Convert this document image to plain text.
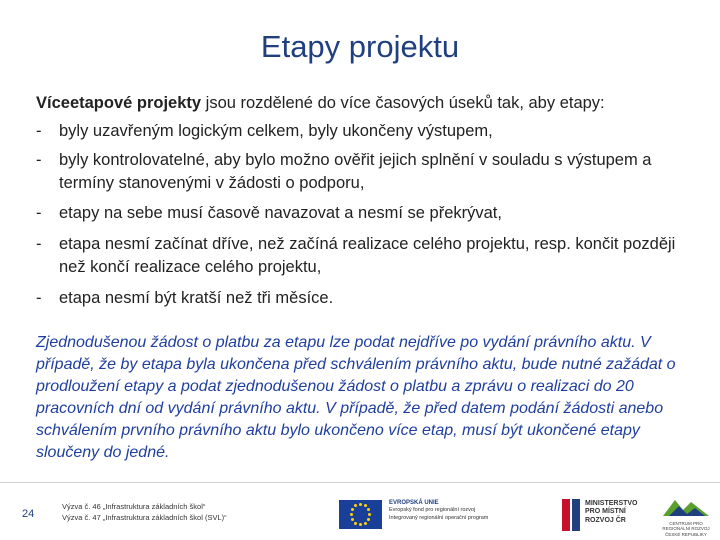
Etapy projektu
Víceetapové projekty jsou rozdělené do více časových úseků tak, aby etapy:
- byly uzavřeným logickým celkem, byly ukončeny výstupem,
- byly kontrolovatelné, aby bylo možno ověřit jejich splnění v souladu s výstupem a termíny stanovenými v žádosti o podporu,
- etapy na sebe musí časově navazovat a nesmí se překrývat,
- etapa nesmí začínat dříve, než začíná realizace celého projektu, resp. končit později než končí realizace celého projektu,
- etapa nesmí být kratší než tři měsíce.
Zjednodušenou žádost o platbu za etapu lze podat nejdříve po vydání právního aktu. V případě, že by etapa byla ukončena před schválením právního aktu, bude nutné zažádat o prodloužení etapy a podat zjednodušenou žádost o platbu a zprávu o realizaci do 20 pracovních dní od vydání právního aktu. V případě, že před datem podání žádosti anebo schválením prvního právního aktu bylo ukončeno více etap, musí být ukončené etapy sloučeny do jedné.
24
Výzva č. 46 „Infrastruktura základních škol“
Výzva č. 47 „Infrastruktura základních škol (SVL)“
EVROPSKÁ UNIE
Evropský fond pro regionální rozvoj
Integrovaný regionální operační program
MINISTERSTVO
PRO MÍSTNÍ
ROZVOJ ČR	CENTRUM PRO REGIONÁLNÍ ROZVOJ
ČESKÉ REPUBLIKY
